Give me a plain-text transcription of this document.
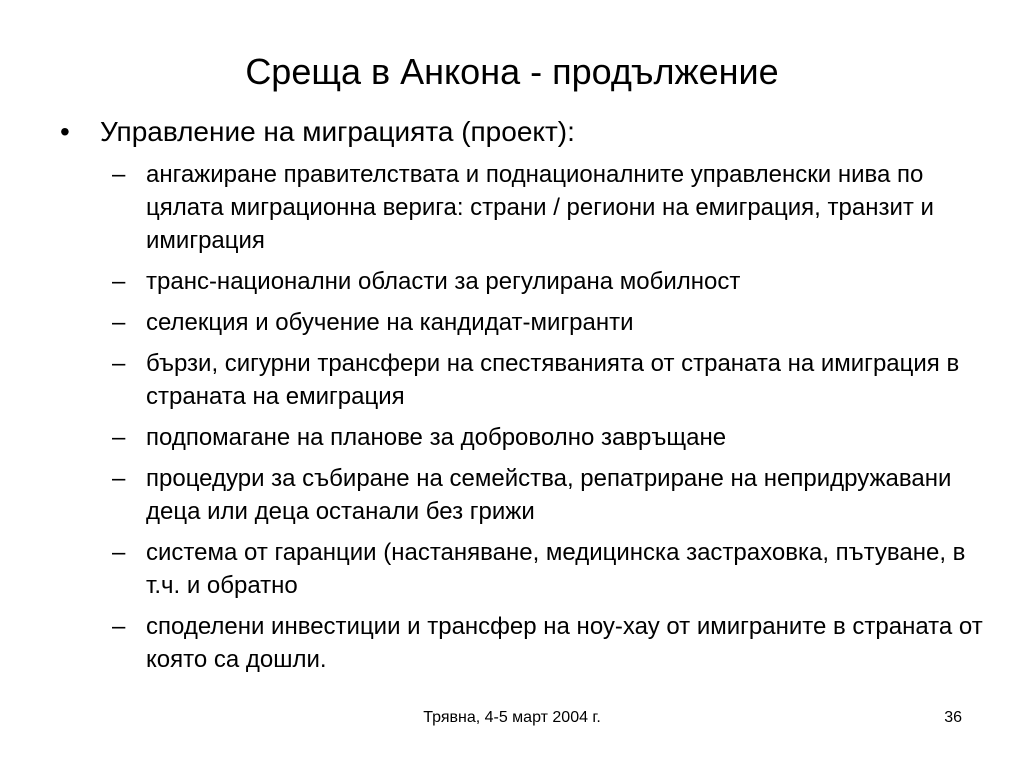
Среща в Анкона - продължение
•	Управление на миграцията (проект):
– ангажиране правителствата и поднационалните управленски нива по цялата миграционна верига: страни / региони на емиграция, транзит и имиграция
– транс-национални области за регулирана мобилност
– селекция и обучение на кандидат-мигранти
– бързи, сигурни трансфери на спестяванията от страната на имиграция в страната на емиграция
– подпомагане на планове за доброволно завръщане
– процедури за събиране на семейства, репатриране на непридружавани деца или деца останали без грижи
– система от гаранции (настаняване, медицинска застраховка, пътуване, в т.ч. и обратно
– споделени инвестиции и трансфер на ноу-хау от имиграните в страната от която са дошли.
Трявна, 4-5 март 2004 г.	36
